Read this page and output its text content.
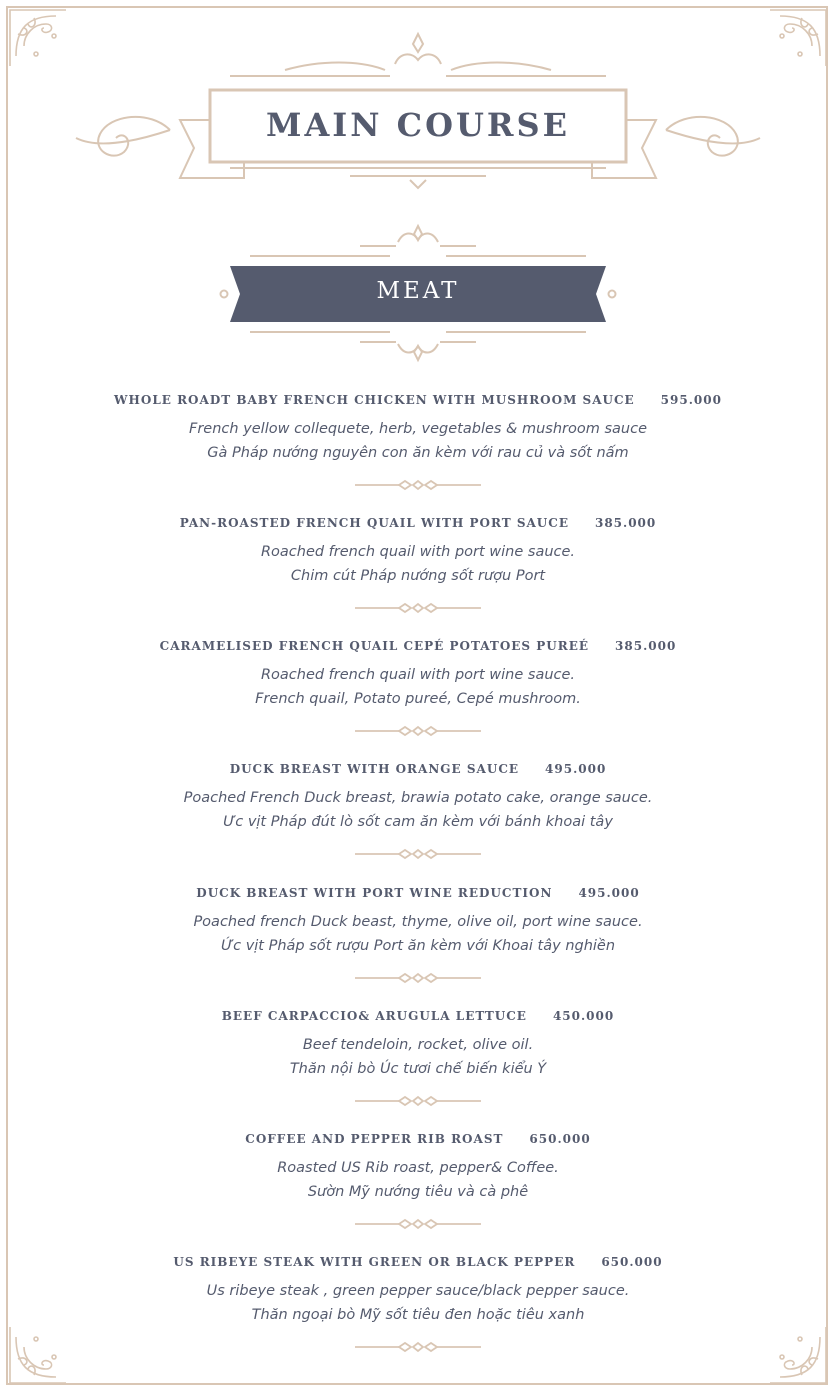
MAIN COURSE
MEAT
WHOLE ROADT BABY FRENCH CHICKEN WITH MUSHROOM SAUCE 595.000
French yellow collequete, herb, vegetables & mushroom sauce
Gà Pháp nướng nguyên con ăn kèm với rau củ và sốt nấm
PAN-ROASTED FRENCH QUAIL WITH PORT SAUCE 385.000
Roached french quail with port wine sauce.
Chim cút Pháp nướng sốt rượu Port
CARAMELISED FRENCH QUAIL CEPÉ POTATOES PUREÉ 385.000
Roached french quail with port wine sauce.
French quail, Potato pureé, Cepé mushroom.
DUCK BREAST WITH ORANGE SAUCE 495.000
Poached French Duck breast, brawia potato cake, orange sauce.
Ưc vịt Pháp đút lò sốt cam ăn kèm với bánh khoai tây
DUCK BREAST WITH PORT WINE REDUCTION 495.000
Poached french Duck beast, thyme, olive oil, port wine sauce.
Ức vịt Pháp sốt rượu Port ăn kèm với Khoai tây nghiền
BEEF CARPACCIO& ARUGULA LETTUCE 450.000
Beef tendeloin, rocket, olive oil.
Thăn nội bò Úc tươi chế biến kiểu Ý
COFFEE AND PEPPER RIB ROAST 650.000
Roasted US Rib roast, pepper& Coffee.
Sườn Mỹ nướng tiêu và cà phê
US RIBEYE STEAK WITH GREEN OR BLACK PEPPER 650.000
Us ribeye steak , green pepper sauce/black pepper sauce.
Thăn ngoại bò Mỹ sốt tiêu đen hoặc tiêu xanh
